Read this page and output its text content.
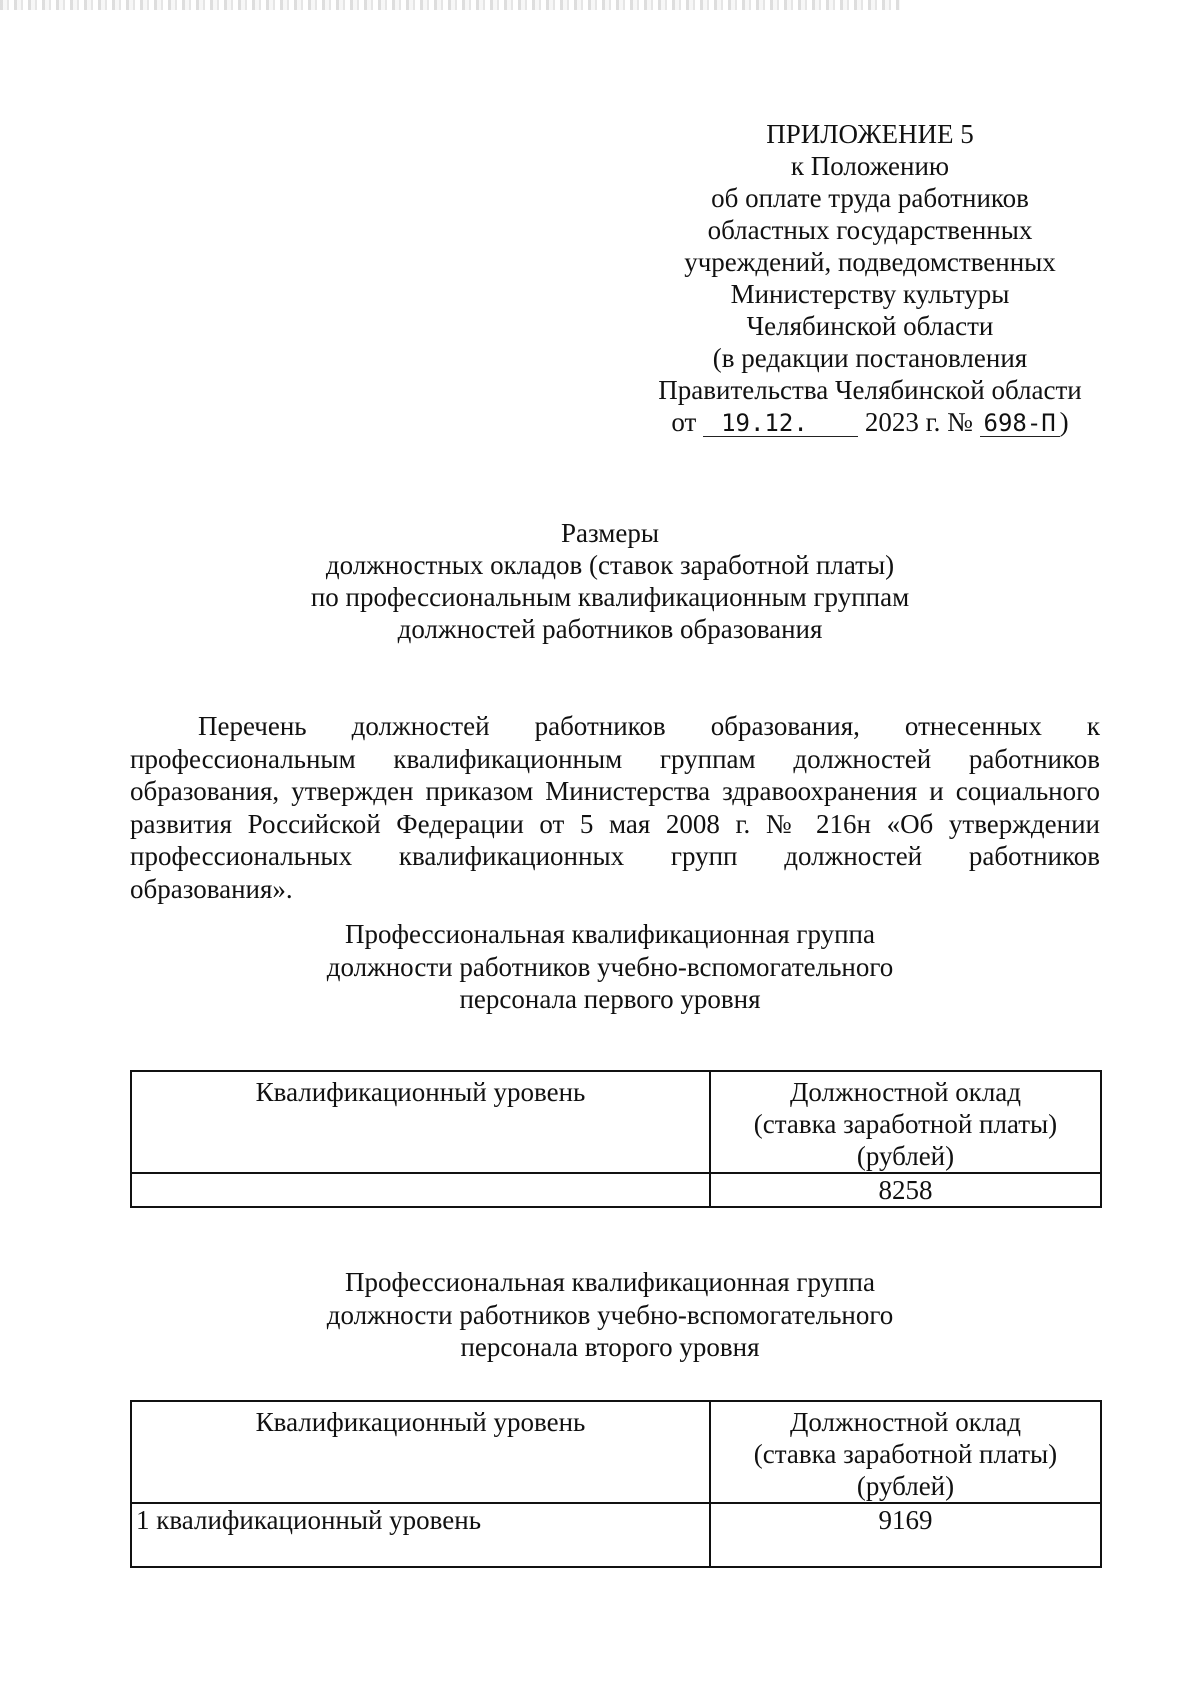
ПРИЛОЖЕНИЕ 5
к Положению
об оплате труда работников
областных государственных
учреждений, подведомственных
Министерству культуры
Челябинской области
(в редакции постановления
Правительства Челябинской области
от 19.12. 2023 г. № 698-П )
Размеры
должностных окладов (ставок заработной платы)
по профессиональным квалификационным группам
должностей работников образования

Перечень должностей работников образования, отнесенных к профессиональным квалификационным группам должностей работников образования, утвержден приказом Министерства здравоохранения и социального развития Российской Федерации от 5 мая 2008 г. № 216н «Об утверждении профессиональных квалификационных групп должностей работников образования».

Профессиональная квалификационная группа
должности работников учебно-вспомогательного
персонала первого уровня
Квалификационный уровень	Должностной оклад
(ставка заработной платы)
(рублей)

	8258
Профессиональная квалификационная группа
должности работников учебно-вспомогательного
персонала второго уровня
Квалификационный уровень	Должностной оклад
(ставка заработной платы)
(рублей)

1 квалификационный уровень	9169
